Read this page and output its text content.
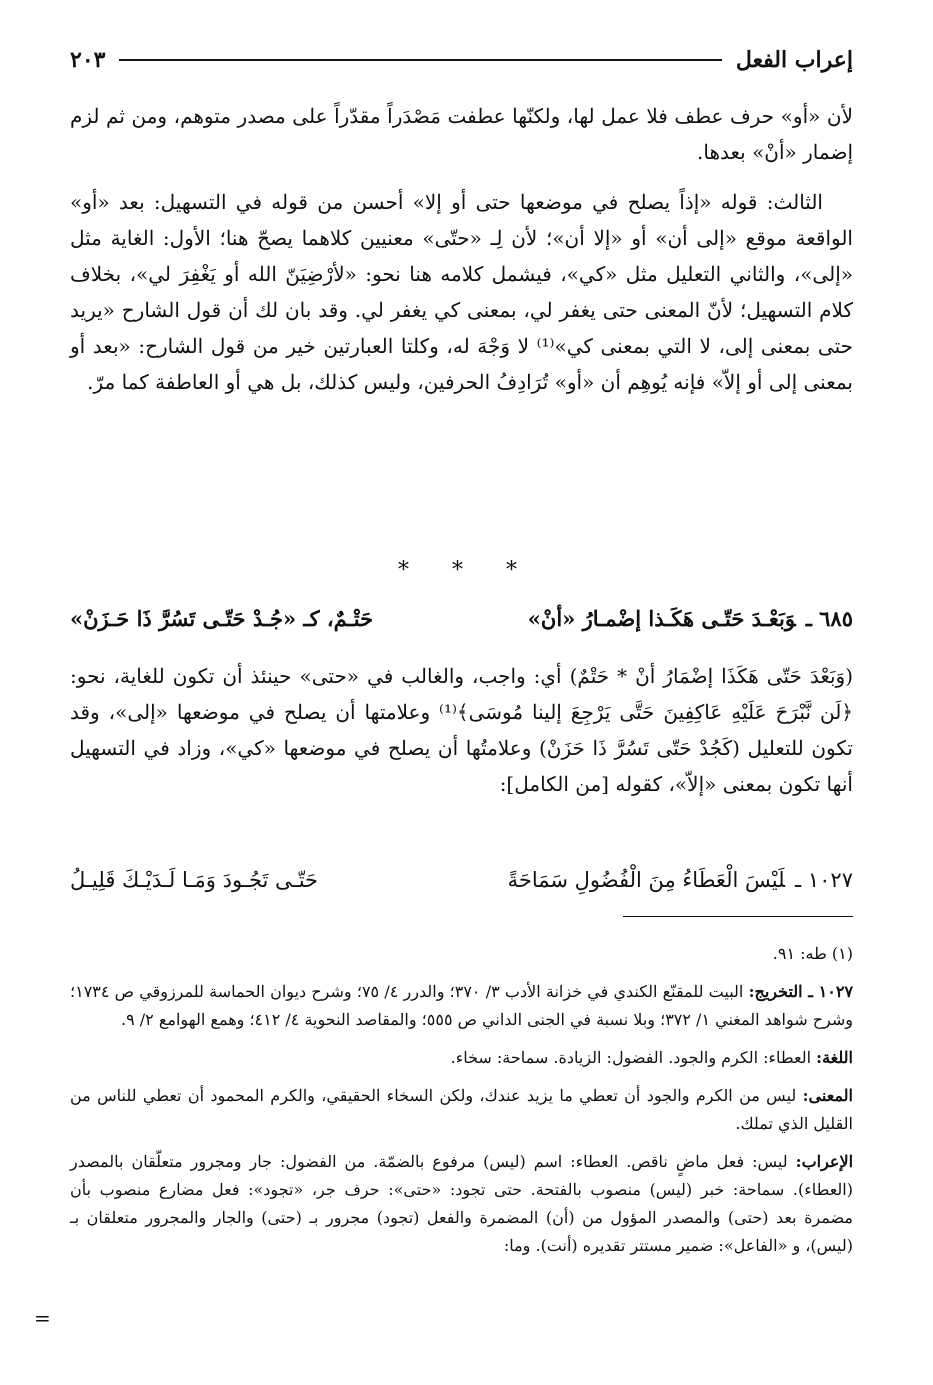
إعراب الفعل
٢٠٣

لأن «أو» حرف عطف فلا عمل لها، ولكنّها عطفت مَصْدَراً مقدّراً على مصدر متوهم، ومن ثم لزم إضمار «أنْ» بعدها.

الثالث: قوله «إذاً يصلح في موضعها حتى أو إلا» أحسن من قوله في التسهيل: بعد «أو» الواقعة موقع «إلى أن» أو «إلا أن»؛ لأن لِـ «حتّى» معنيين كلاهما يصحّ هنا؛ الأول: الغاية مثل «إلى»، والثاني التعليل مثل «كي»، فيشمل كلامه هنا نحو: «لأرْضِيَنّ الله أو يَغْفِرَ لي»، بخلاف كلام التسهيل؛ لأنّ المعنى حتى يغفر لي، بمعنى كي يغفر لي. وقد بان لك أن قول الشارح «يريد حتى بمعنى إلى، لا التي بمعنى كي»⁽¹⁾ لا وَجْهَ له، وكلتا العبارتين خير من قول الشارح: «بعد أو بمعنى إلى أو إلاّ» فإنه يُوهِم أن «أو» تُرَادِفُ الحرفين، وليس كذلك، بل هي أو العاطفة كما مرّ.

* * *
٦٨٥ ـوَبَعْـدَ حَتّـى هَكَـذا إضْمـارُ «أنْ»
حَتْـمٌ، كـ «جُـدْ حَتّـى تَسُرَّ ذَا حَـزَنْ»

(وَبَعْدَ حَتّى هَكَذَا إضْمَارُ أنْ * حَتْمٌ) أي: واجب، والغالب في «حتى» حينئذ أن تكون للغاية، نحو: ﴿لَن نَّبْرَحَ عَلَيْهِ عَاكِفِينَ حَتَّى يَرْجِعَ إلينا مُوسَى﴾⁽¹⁾ وعلامتها أن يصلح في موضعها «إلى»، وقد تكون للتعليل (كَجُدْ حَتّى تَسُرَّ ذَا حَزَنْ) وعلامتُها أن يصلح في موضعها «كي»، وزاد في التسهيل أنها تكون بمعنى «إلاّ»، كقوله [من الكامل]:

١٠٢٧ ـلَيْسَ الْعَطَاءُ مِنَ الْفُضُولِ سَمَاحَةً
حَتّـى تَجُـودَ وَمَـا لَـدَيْـكَ قَلِيـلُ

(١) طه: ٩١.

١٠٢٧ ـ التخريج: البيت للمقنّع الكندي في خزانة الأدب ٣/ ٣٧٠؛ والدرر ٤/ ٧٥؛ وشرح ديوان الحماسة للمرزوقي ص ١٧٣٤؛ وشرح شواهد المغني ١/ ٣٧٢؛ وبلا نسبة في الجنى الداني ص ٥٥٥؛ والمقاصد النحوية ٤/ ٤١٢؛ وهمع الهوامع ٢/ ٩.

اللغة: العطاء: الكرم والجود. الفضول: الزيادة. سماحة: سخاء.

المعنى: ليس من الكرم والجود أن تعطي ما يزيد عندك، ولكن السخاء الحقيقي، والكرم المحمود أن تعطي للناس من القليل الذي تملك.

الإعراب: ليس: فعل ماضٍ ناقص. العطاء: اسم (ليس) مرفوع بالضمّة. من الفضول: جار ومجرور متعلّقان بالمصدر (العطاء). سماحة: خبر (ليس) منصوب بالفتحة. حتى تجود: «حتى»: حرف جر، «تجود»: فعل مضارع منصوب بأن مضمرة بعد (حتى) والمصدر المؤول من (أن) المضمرة والفعل (تجود) مجرور بـ (حتى) والجار والمجرور متعلقان بـ (ليس)، و «الفاعل»: ضمير مستتر تقديره (أنت). وما:

=
